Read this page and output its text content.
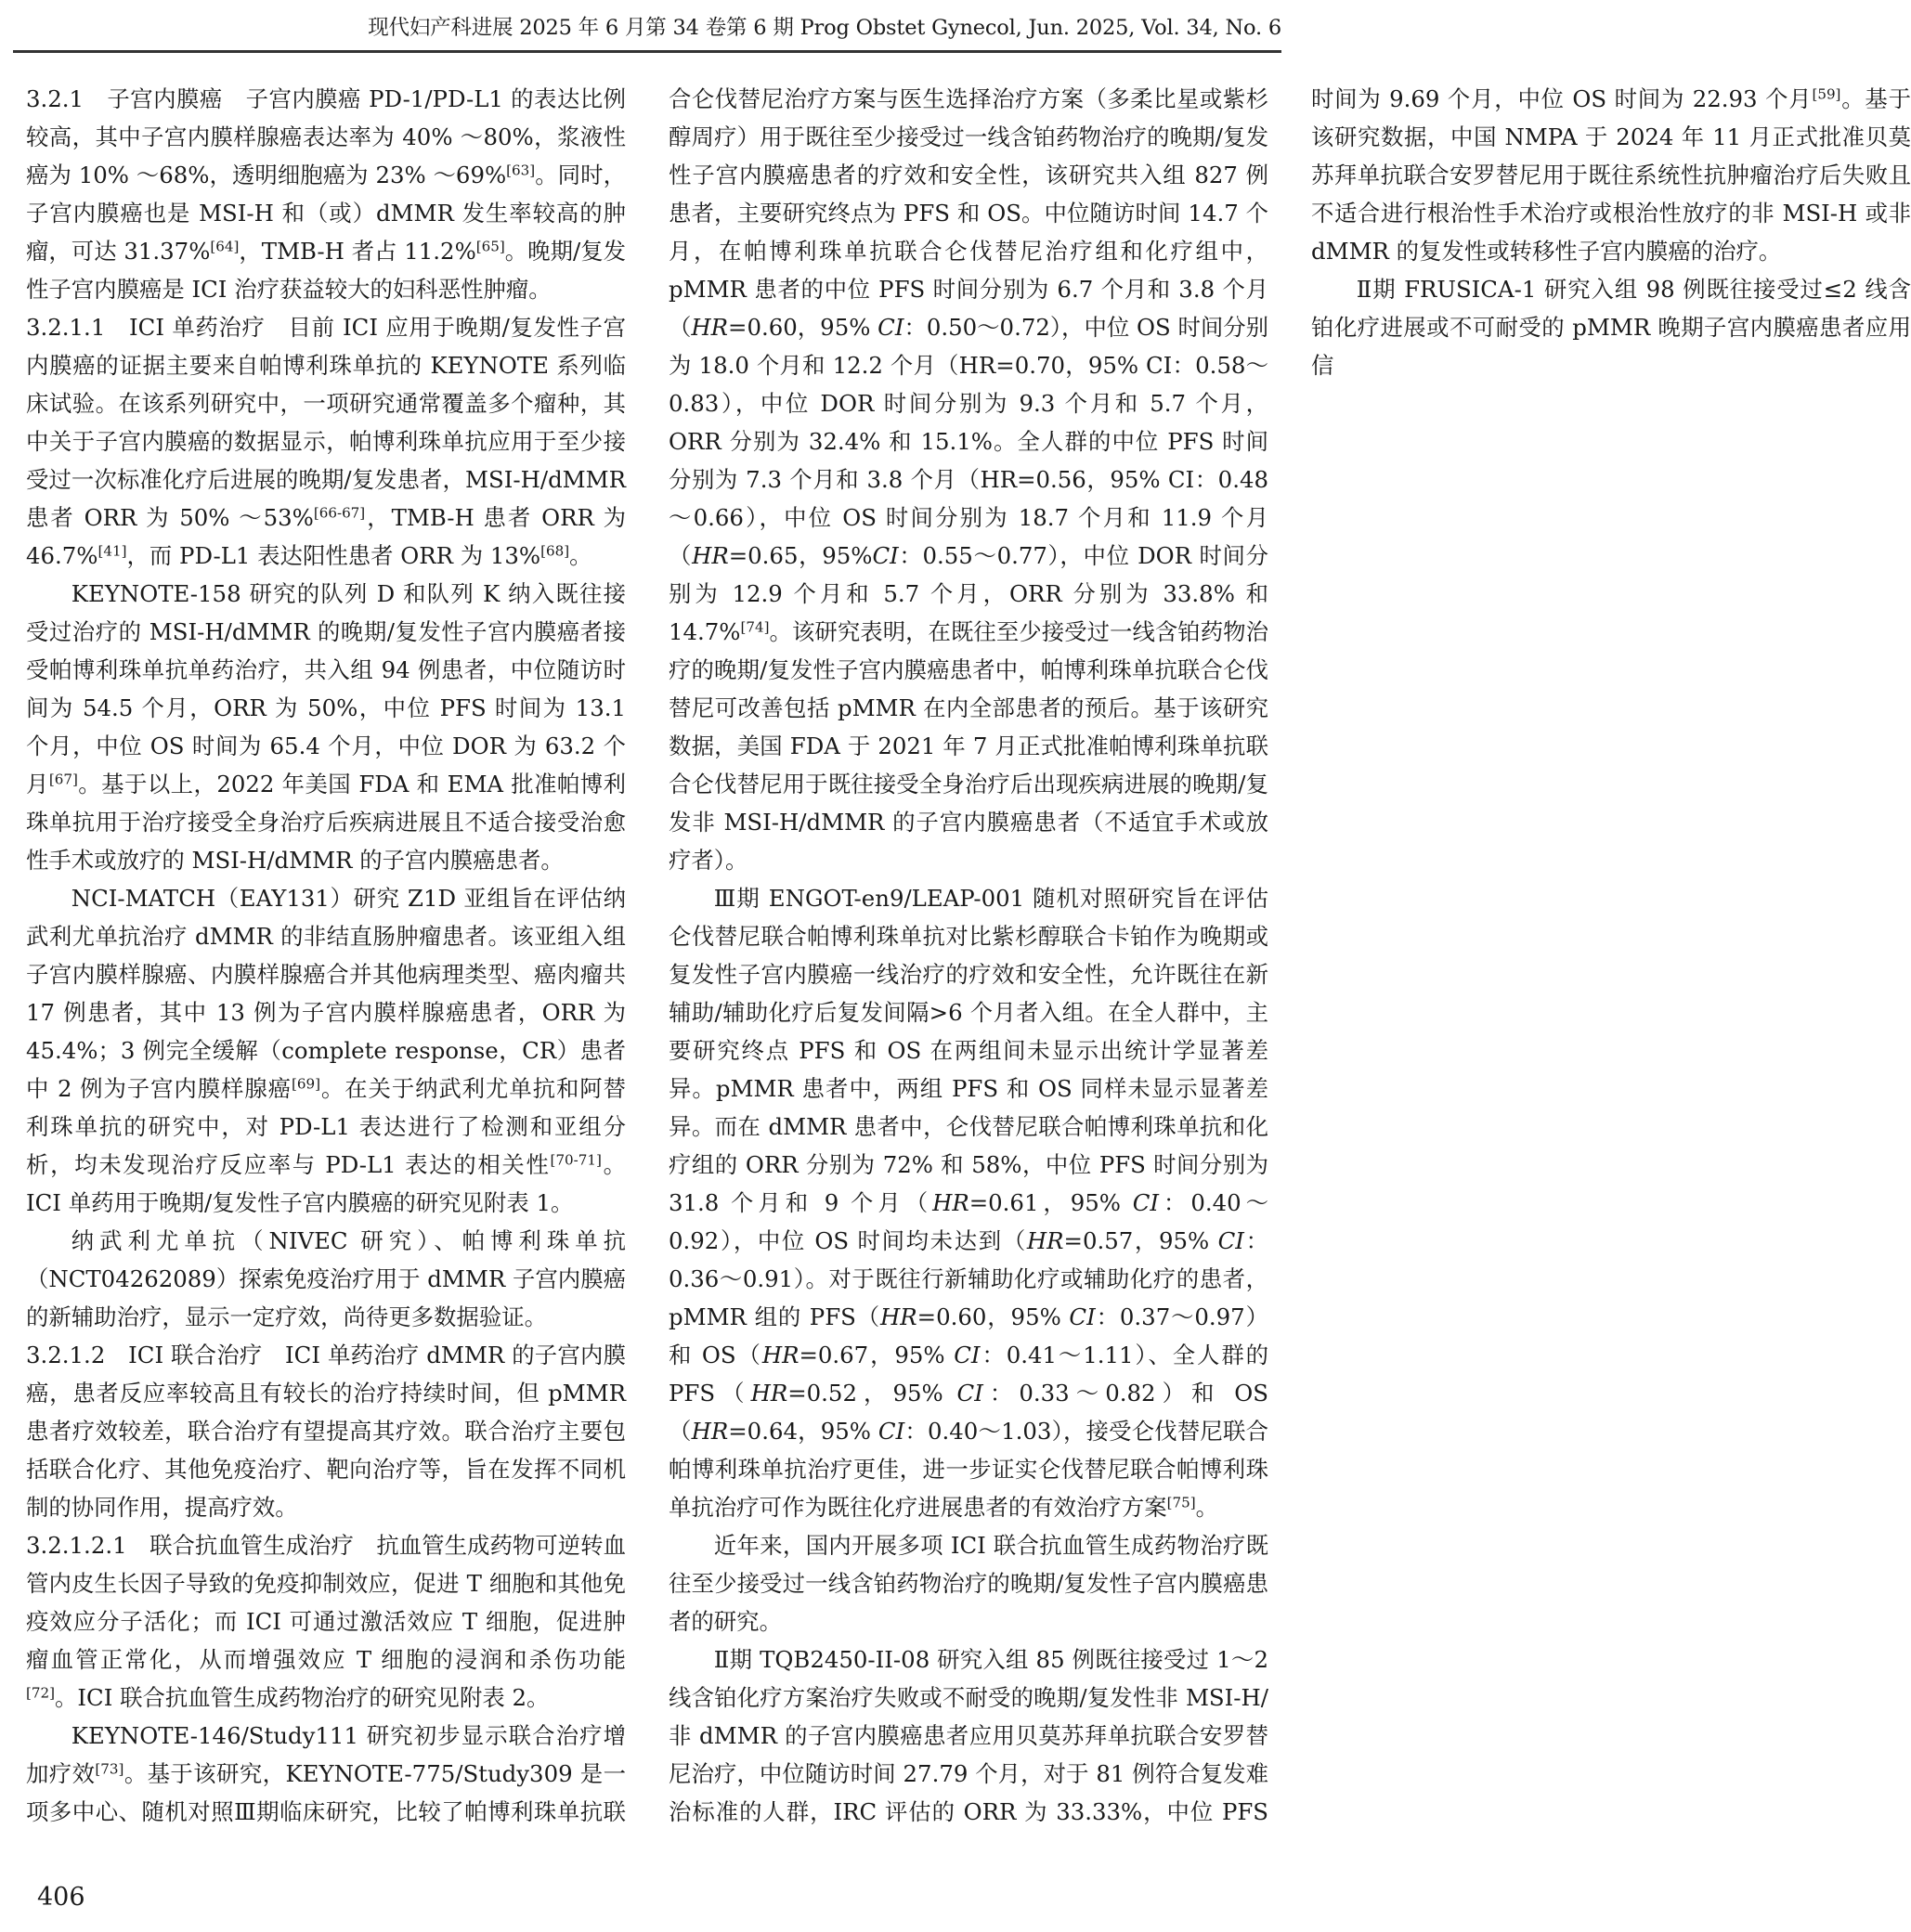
现代妇产科进展 2025 年 6 月第 34 卷第 6 期 Prog Obstet Gynecol, Jun. 2025, Vol. 34, No. 6

3.2.1　子宫内膜癌　子宫内膜癌 PD-1/PD-L1 的表达比例较高，其中子宫内膜样腺癌表达率为 40% ～80%，浆液性癌为 10% ～68%，透明细胞癌为 23% ～69%[63]。同时，子宫内膜癌也是 MSI-H 和（或）dMMR 发生率较高的肿瘤，可达 31.37%[64]，TMB-H 者占 11.2%[65]。晚期/复发性子宫内膜癌是 ICI 治疗获益较大的妇科恶性肿瘤。

3.2.1.1　ICI 单药治疗　目前 ICI 应用于晚期/复发性子宫内膜癌的证据主要来自帕博利珠单抗的 KEYNOTE 系列临床试验。在该系列研究中，一项研究通常覆盖多个瘤种，其中关于子宫内膜癌的数据显示，帕博利珠单抗应用于至少接受过一次标准化疗后进展的晚期/复发患者，MSI-H/dMMR 患者 ORR 为 50% ～53%[66-67]，TMB-H 患者 ORR 为 46.7%[41]，而 PD-L1 表达阳性患者 ORR 为 13%[68]。

KEYNOTE-158 研究的队列 D 和队列 K 纳入既往接受过治疗的 MSI-H/dMMR 的晚期/复发性子宫内膜癌者接受帕博利珠单抗单药治疗，共入组 94 例患者，中位随访时间为 54.5 个月，ORR 为 50%，中位 PFS 时间为 13.1 个月，中位 OS 时间为 65.4 个月，中位 DOR 为 63.2 个月[67]。基于以上，2022 年美国 FDA 和 EMA 批准帕博利珠单抗用于治疗接受全身治疗后疾病进展且不适合接受治愈性手术或放疗的 MSI-H/dMMR 的子宫内膜癌患者。

NCI-MATCH（EAY131）研究 Z1D 亚组旨在评估纳武利尤单抗治疗 dMMR 的非结直肠肿瘤患者。该亚组入组子宫内膜样腺癌、内膜样腺癌合并其他病理类型、癌肉瘤共 17 例患者，其中 13 例为子宫内膜样腺癌患者，ORR 为 45.4%；3 例完全缓解（complete response，CR）患者中 2 例为子宫内膜样腺癌[69]。在关于纳武利尤单抗和阿替利珠单抗的研究中，对 PD-L1 表达进行了检测和亚组分析，均未发现治疗反应率与 PD-L1 表达的相关性[70-71]。ICI 单药用于晚期/复发性子宫内膜癌的研究见附表 1。

纳武利尤单抗（NIVEC 研究）、帕博利珠单抗（NCT04262089）探索免疫治疗用于 dMMR 子宫内膜癌的新辅助治疗，显示一定疗效，尚待更多数据验证。

3.2.1.2　ICI 联合治疗　ICI 单药治疗 dMMR 的子宫内膜癌，患者反应率较高且有较长的治疗持续时间，但 pMMR 患者疗效较差，联合治疗有望提高其疗效。联合治疗主要包括联合化疗、其他免疫治疗、靶向治疗等，旨在发挥不同机制的协同作用，提高疗效。

3.2.1.2.1　联合抗血管生成治疗　抗血管生成药物可逆转血管内皮生长因子导致的免疫抑制效应，促进 T 细胞和其他免疫效应分子活化；而 ICI 可通过激活效应 T 细胞，促进肿瘤血管正常化，从而增强效应 T 细胞的浸润和杀伤功能[72]。ICI 联合抗血管生成药物治疗的研究见附表 2。

KEYNOTE-146/Study111 研究初步显示联合治疗增加疗效[73]。基于该研究，KEYNOTE-775/Study309 是一项多中心、随机对照Ⅲ期临床研究，比较了帕博利珠单抗联合仑伐替尼治疗方案与医生选择治疗方案（多柔比星或紫杉醇周疗）用于既往至少接受过一线含铂药物治疗的晚期/复发性子宫内膜癌患者的疗效和安全性，该研究共入组 827 例患者，主要研究终点为 PFS 和 OS。中位随访时间 14.7 个月，在帕博利珠单抗联合仑伐替尼治疗组和化疗组中，pMMR 患者的中位 PFS 时间分别为 6.7 个月和 3.8 个月（HR=0.60，95% CI：0.50～0.72），中位 OS 时间分别为 18.0 个月和 12.2 个月（HR=0.70，95% CI：0.58～0.83），中位 DOR 时间分别为 9.3 个月和 5.7 个月，ORR 分别为 32.4% 和 15.1%。全人群的中位 PFS 时间分别为 7.3 个月和 3.8 个月（HR=0.56，95% CI：0.48～0.66），中位 OS 时间分别为 18.7 个月和 11.9 个月（HR=0.65，95%CI：0.55～0.77），中位 DOR 时间分别为 12.9 个月和 5.7 个月，ORR 分别为 33.8% 和 14.7%[74]。该研究表明，在既往至少接受过一线含铂药物治疗的晚期/复发性子宫内膜癌患者中，帕博利珠单抗联合仑伐替尼可改善包括 pMMR 在内全部患者的预后。基于该研究数据，美国 FDA 于 2021 年 7 月正式批准帕博利珠单抗联合仑伐替尼用于既往接受全身治疗后出现疾病进展的晚期/复发非 MSI-H/dMMR 的子宫内膜癌患者（不适宜手术或放疗者）。

Ⅲ期 ENGOT-en9/LEAP-001 随机对照研究旨在评估仑伐替尼联合帕博利珠单抗对比紫杉醇联合卡铂作为晚期或复发性子宫内膜癌一线治疗的疗效和安全性，允许既往在新辅助/辅助化疗后复发间隔>6 个月者入组。在全人群中，主要研究终点 PFS 和 OS 在两组间未显示出统计学显著差异。pMMR 患者中，两组 PFS 和 OS 同样未显示显著差异。而在 dMMR 患者中，仑伐替尼联合帕博利珠单抗和化疗组的 ORR 分别为 72% 和 58%，中位 PFS 时间分别为 31.8 个月和 9 个月（HR=0.61，95% CI：0.40～0.92），中位 OS 时间均未达到（HR=0.57，95% CI：0.36～0.91）。对于既往行新辅助化疗或辅助化疗的患者，pMMR 组的 PFS（HR=0.60，95% CI：0.37～0.97）和 OS（HR=0.67，95% CI：0.41～1.11）、全人群的 PFS（HR=0.52，95% CI：0.33～0.82）和 OS（HR=0.64，95% CI：0.40～1.03），接受仑伐替尼联合帕博利珠单抗治疗更佳，进一步证实仑伐替尼联合帕博利珠单抗治疗可作为既往化疗进展患者的有效治疗方案[75]。

近年来，国内开展多项 ICI 联合抗血管生成药物治疗既往至少接受过一线含铂药物治疗的晚期/复发性子宫内膜癌患者的研究。

Ⅱ期 TQB2450-II-08 研究入组 85 例既往接受过 1～2 线含铂化疗方案治疗失败或不耐受的晚期/复发性非 MSI-H/非 dMMR 的子宫内膜癌患者应用贝莫苏拜单抗联合安罗替尼治疗，中位随访时间 27.79 个月，对于 81 例符合复发难治标准的人群，IRC 评估的 ORR 为 33.33%，中位 PFS 时间为 9.69 个月，中位 OS 时间为 22.93 个月[59]。基于该研究数据，中国 NMPA 于 2024 年 11 月正式批准贝莫苏拜单抗联合安罗替尼用于既往系统性抗肿瘤治疗后失败且不适合进行根治性手术治疗或根治性放疗的非 MSI-H 或非 dMMR 的复发性或转移性子宫内膜癌的治疗。

Ⅱ期 FRUSICA-1 研究入组 98 例既往接受过≤2 线含铂化疗进展或不可耐受的 pMMR 晚期子宫内膜癌患者应用信

406
